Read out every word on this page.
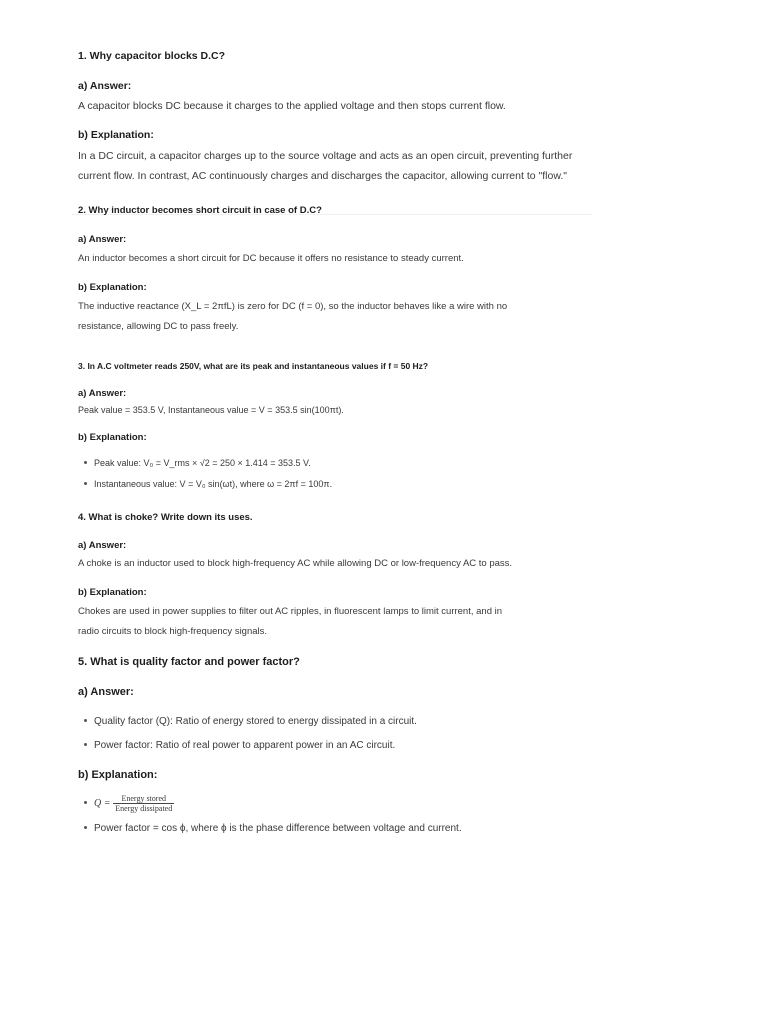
1. Why capacitor blocks D.C?
a) Answer:
A capacitor blocks DC because it charges to the applied voltage and then stops current flow.
b) Explanation:
In a DC circuit, a capacitor charges up to the source voltage and acts as an open circuit, preventing further
current flow. In contrast, AC continuously charges and discharges the capacitor, allowing current to "flow."
2. Why inductor becomes short circuit in case of D.C?
a) Answer:
An inductor becomes a short circuit for DC because it offers no resistance to steady current.
b) Explanation:
The inductive reactance (X_L = 2πfL) is zero for DC (f = 0), so the inductor behaves like a wire with no
resistance, allowing DC to pass freely.
3. In A.C voltmeter reads 250V, what are its peak and instantaneous values if f = 50 Hz?
a) Answer:
Peak value = 353.5 V, Instantaneous value = V = 353.5 sin(100πt).
b) Explanation:
Peak value: V₀ = V_rms × √2 = 250 × 1.414 = 353.5 V.
Instantaneous value: V = V₀ sin(ωt), where ω = 2πf = 100π.
4. What is choke? Write down its uses.
a) Answer:
A choke is an inductor used to block high-frequency AC while allowing DC or low-frequency AC to pass.
b) Explanation:
Chokes are used in power supplies to filter out AC ripples, in fluorescent lamps to limit current, and in
radio circuits to block high-frequency signals.
5. What is quality factor and power factor?
a) Answer:
Quality factor (Q): Ratio of energy stored to energy dissipated in a circuit.
Power factor: Ratio of real power to apparent power in an AC circuit.
b) Explanation:
$Q = \frac{\text{Energy stored}}{\text{Energy dissipated}}$
Power factor = cos ϕ, where ϕ is the phase difference between voltage and current.
